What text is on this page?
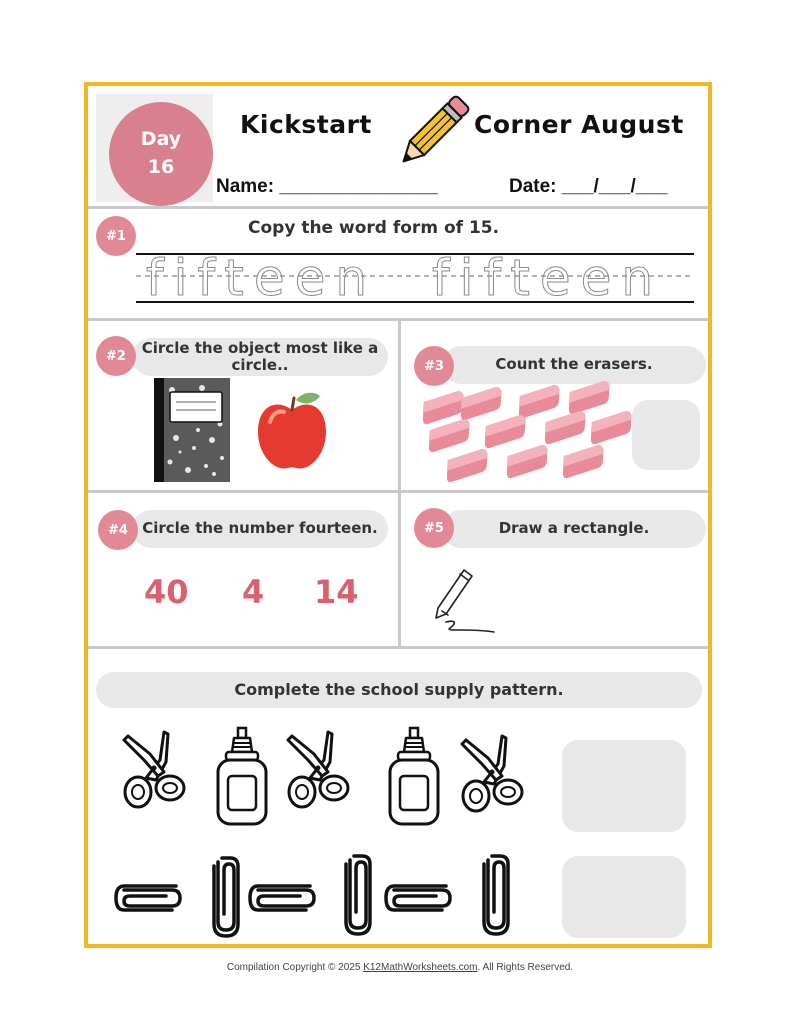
Day
16
Kickstart	Corner August
Name: _______________	Date: ___/___/___
#1	Copy the word form of 15.
fifteen fifteen
Circle the object most like a circle..
#2	Count the erasers.
#3
Circle the number fourteen.
#4
40 4 14
Draw a rectangle.
#5
Complete the school supply pattern.
Compilation Copyright © 2025 K12MathWorksheets.com. All Rights Reserved.
